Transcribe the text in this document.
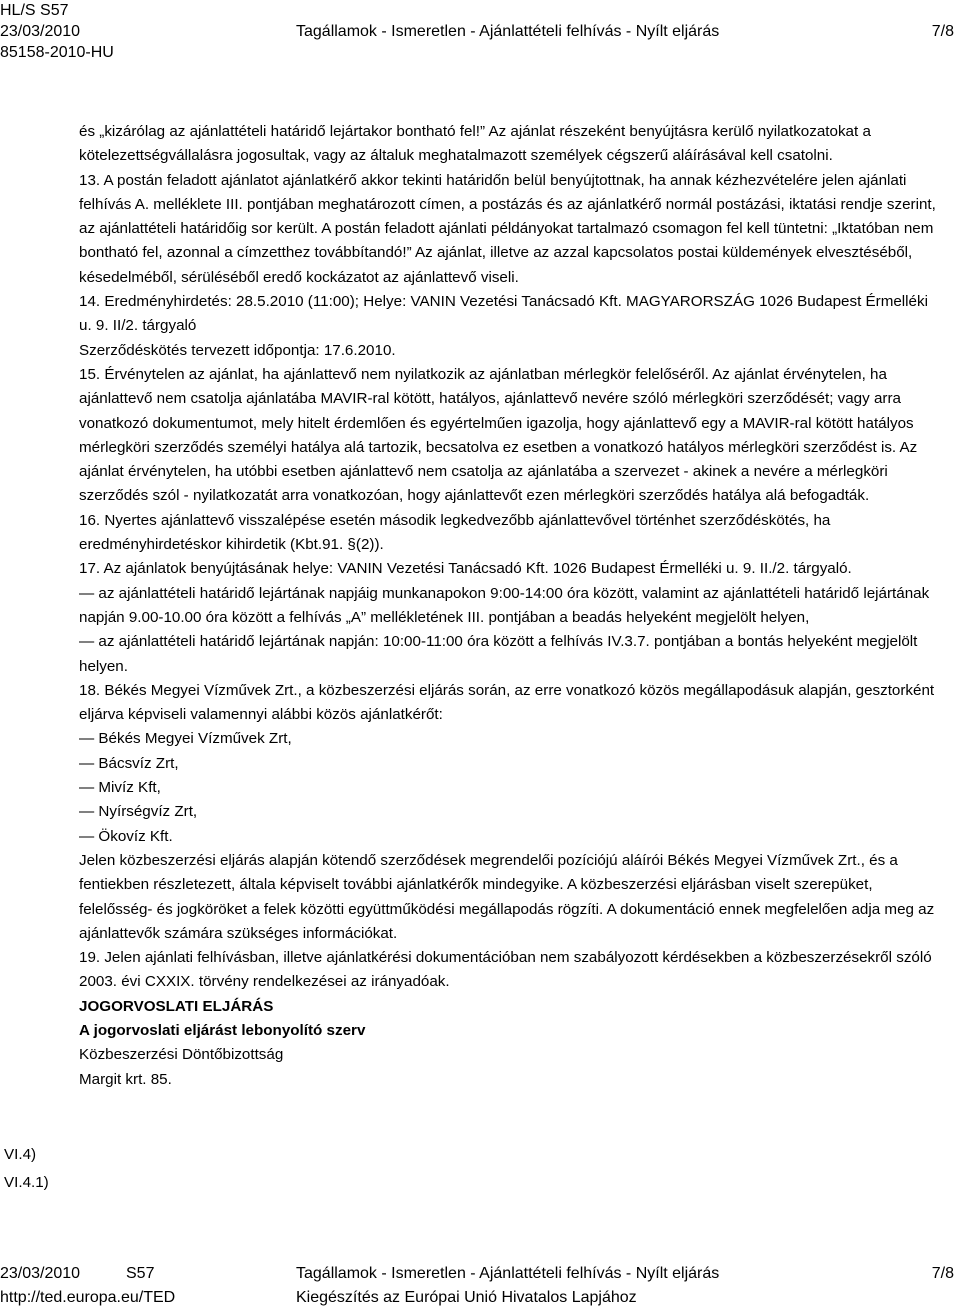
HL/S S57
23/03/2010
85158-2010-HU
Tagállamok - Ismeretlen - Ajánlattételi felhívás - Nyílt eljárás	7/8

és „kizárólag az ajánlattételi határidő lejártakor bontható fel!” Az ajánlat részeként benyújtásra kerülő nyilatkozatokat a kötelezettségvállalásra jogosultak, vagy az általuk meghatalmazott személyek cégszerű aláírásával kell csatolni.

13. A postán feladott ajánlatot ajánlatkérő akkor tekinti határidőn belül benyújtottnak, ha annak kézhezvételére jelen ajánlati felhívás A. melléklete III. pontjában meghatározott címen, a postázás és az ajánlatkérő normál postázási, iktatási rendje szerint, az ajánlattételi határidőig sor került. A postán feladott ajánlati példányokat tartalmazó csomagon fel kell tüntetni: „Iktatóban nem bontható fel, azonnal a címzetthez továbbítandó!” Az ajánlat, illetve az azzal kapcsolatos postai küldemények elvesztéséből, késedelméből, sérüléséből eredő kockázatot az ajánlattevő viseli.

14. Eredményhirdetés: 28.5.2010 (11:00); Helye: VANIN Vezetési Tanácsadó Kft. MAGYARORSZÁG 1026 Budapest Érmelléki u. 9. II/2. tárgyaló

Szerződéskötés tervezett időpontja: 17.6.2010.

15. Érvénytelen az ajánlat, ha ajánlattevő nem nyilatkozik az ajánlatban mérlegkör felelőséről. Az ajánlat érvénytelen, ha ajánlattevő nem csatolja ajánlatába MAVIR-ral kötött, hatályos, ajánlattevő nevére szóló mérlegköri szerződését; vagy arra vonatkozó dokumentumot, mely hitelt érdemlően és egyértelműen igazolja, hogy ajánlattevő egy a MAVIR-ral kötött hatályos mérlegköri szerződés személyi hatálya alá tartozik, becsatolva ez esetben a vonatkozó hatályos mérlegköri szerződést is. Az ajánlat érvénytelen, ha utóbbi esetben ajánlattevő nem csatolja az ajánlatába a szervezet - akinek a nevére a mérlegköri szerződés szól - nyilatkozatát arra vonatkozóan, hogy ajánlattevőt ezen mérlegköri szerződés hatálya alá befogadták.

16. Nyertes ajánlattevő visszalépése esetén második legkedvezőbb ajánlattevővel történhet szerződéskötés, ha eredményhirdetéskor kihirdetik (Kbt.91. §(2)).

17. Az ajánlatok benyújtásának helye: VANIN Vezetési Tanácsadó Kft. 1026 Budapest Érmelléki u. 9. II./2. tárgyaló.

— az ajánlattételi határidő lejártának napjáig munkanapokon 9:00-14:00 óra között, valamint az ajánlattételi határidő lejártának napján 9.00-10.00 óra között a felhívás „A” mellékletének III. pontjában a beadás helyeként megjelölt helyen,

— az ajánlattételi határidő lejártának napján: 10:00-11:00 óra között a felhívás IV.3.7. pontjában a bontás helyeként megjelölt helyen.

18. Békés Megyei Vízművek Zrt., a közbeszerzési eljárás során, az erre vonatkozó közös megállapodásuk alapján, gesztorként eljárva képviseli valamennyi alábbi közös ajánlatkérőt:

— Békés Megyei Vízművek Zrt,

— Bácsvíz Zrt,

— Mivíz Kft,

— Nyírségvíz Zrt,

— Ökovíz Kft.

Jelen közbeszerzési eljárás alapján kötendő szerződések megrendelői pozíciójú aláírói Békés Megyei Vízművek Zrt., és a fentiekben részletezett, általa képviselt további ajánlatkérők mindegyike. A közbeszerzési eljárásban viselt szerepüket, felelősség- és jogköröket a felek közötti együttműködési megállapodás rögzíti. A dokumentáció ennek megfelelően adja meg az ajánlattevők számára szükséges információkat.

19. Jelen ajánlati felhívásban, illetve ajánlatkérési dokumentációban nem szabályozott kérdésekben a közbeszerzésekről szóló 2003. évi CXXIX. törvény rendelkezései az irányadóak.

JOGORVOSLATI ELJÁRÁS

A jogorvoslati eljárást lebonyolító szerv

Közbeszerzési Döntőbizottság

Margit krt. 85.

VI.4)
VI.4.1)
23/03/2010	S57	Tagállamok - Ismeretlen - Ajánlattételi felhívás - Nyílt eljárás	7/8
http://ted.europa.eu/TED	Kiegészítés az Európai Unió Hivatalos Lapjához
